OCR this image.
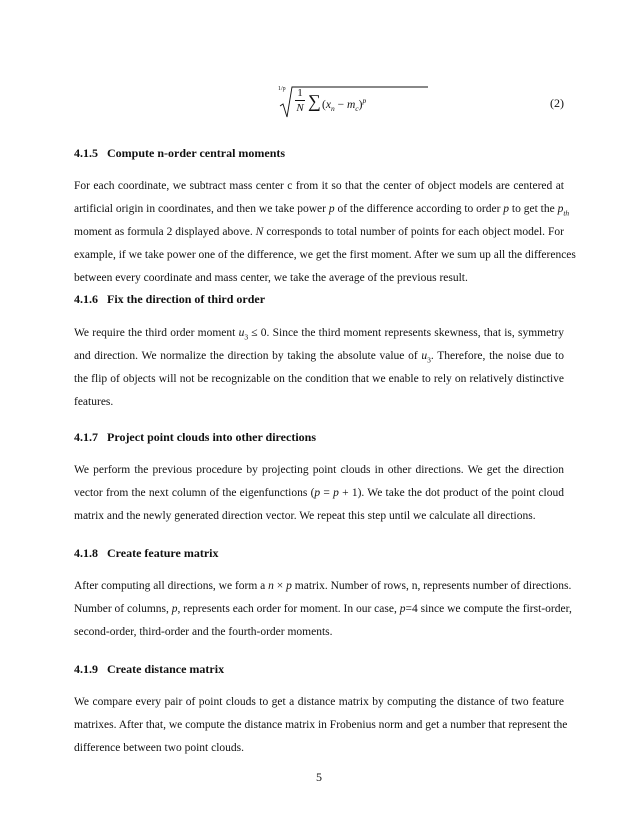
1/p 1
N ∑ $(x_n - m_c)^p$	(2)
4.1.5 Compute n-order central moments
For each coordinate, we subtract mass center c from it so that the center of object models are centered at
artificial origin in coordinates, and then we take power p of the difference according to order p to get the $p_{th}$
moment as formula 2 displayed above. N corresponds to total number of points for each object model. For
example, if we take power one of the difference, we get the first moment. After we sum up all the differences
between every coordinate and mass center, we take the average of the previous result.
4.1.6 Fix the direction of third order
We require the third order moment $u_3 \le 0$. Since the third moment represents skewness, that is, symmetry
and direction. We normalize the direction by taking the absolute value of $u_3$. Therefore, the noise due to
the flip of objects will not be recognizable on the condition that we enable to rely on relatively distinctive
features.
4.1.7 Project point clouds into other directions
We perform the previous procedure by projecting point clouds in other directions. We get the direction
vector from the next column of the eigenfunctions (p = p + 1). We take the dot product of the point cloud
matrix and the newly generated direction vector. We repeat this step until we calculate all directions.
4.1.8 Create feature matrix
After computing all directions, we form a n × p matrix. Number of rows, n, represents number of directions.
Number of columns, p, represents each order for moment. In our case, p=4 since we compute the first-order,
second-order, third-order and the fourth-order moments.
4.1.9 Create distance matrix
We compare every pair of point clouds to get a distance matrix by computing the distance of two feature
matrixes. After that, we compute the distance matrix in Frobenius norm and get a number that represent the
difference between two point clouds.
5
